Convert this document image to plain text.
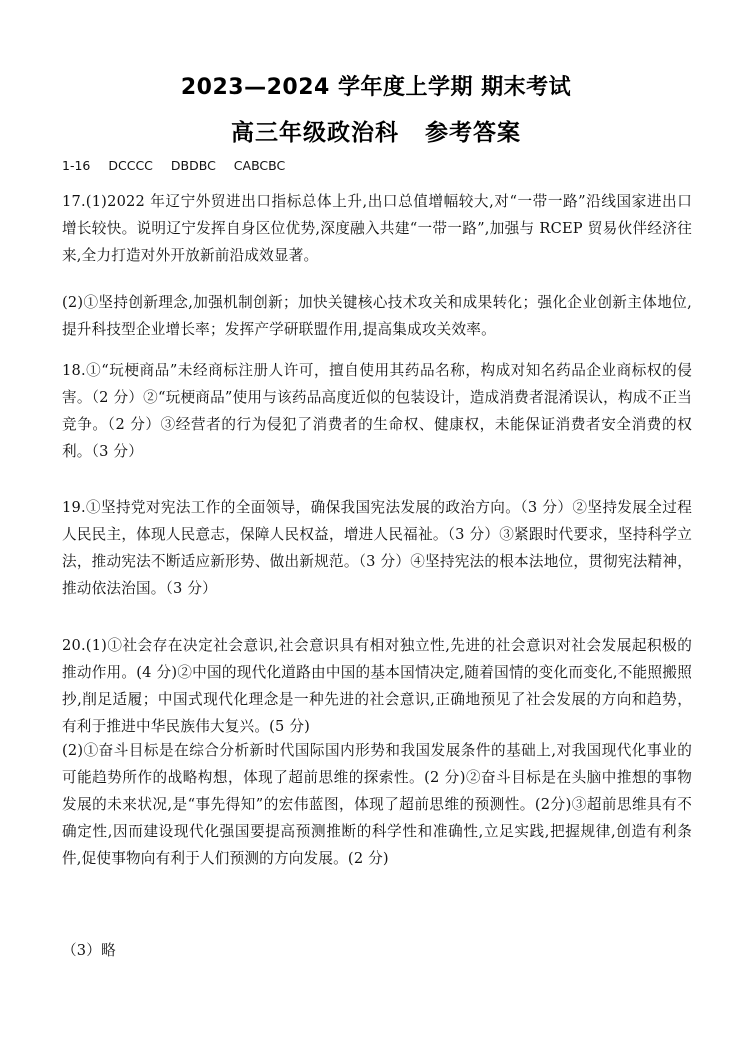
2023—2024 学年度上学期 期末考试
高三年级政治科 参考答案
1-16 DCCCC DBDBC CABCBC
17.(1)2022 年辽宁外贸进出口指标总体上升,出口总值增幅较大,对“一带一路”沿线国家进出口增长较快。说明辽宁发挥自身区位优势,深度融入共建“一带一路”,加强与 RCEP 贸易伙伴经济往来,全力打造对外开放新前沿成效显著。
(2)①坚持创新理念,加强机制创新；加快关键核心技术攻关和成果转化；强化企业创新主体地位,提升科技型企业增长率；发挥产学研联盟作用,提高集成攻关效率。
18.①“玩梗商品”未经商标注册人许可，擅自使用其药品名称，构成对知名药品企业商标权的侵害。（2 分）②“玩梗商品”使用与该药品高度近似的包装设计，造成消费者混淆误认，构成不正当竞争。（2 分）③经营者的行为侵犯了消费者的生命权、健康权，未能保证消费者安全消费的权利。（3 分）
19.①坚持党对宪法工作的全面领导，确保我国宪法发展的政治方向。（3 分）②坚持发展全过程人民民主，体现人民意志，保障人民权益，增进人民福祉。（3 分）③紧跟时代要求，坚持科学立法，推动宪法不断适应新形势、做出新规范。（3 分）④坚持宪法的根本法地位，贯彻宪法精神，推动依法治国。（3 分）
20.(1)①社会存在决定社会意识,社会意识具有相对独立性,先进的社会意识对社会发展起积极的推动作用。(4 分)②中国的现代化道路由中国的基本国情决定,随着国情的变化而变化,不能照搬照抄,削足适履；中国式现代化理念是一种先进的社会意识,正确地预见了社会发展的方向和趋势，有利于推进中华民族伟大复兴。(5 分)
(2)①奋斗目标是在综合分析新时代国际国内形势和我国发展条件的基础上,对我国现代化事业的可能趋势所作的战略构想，体现了超前思维的探索性。(2 分)②奋斗目标是在头脑中推想的事物发展的未来状况,是“事先得知”的宏伟蓝图，体现了超前思维的预测性。(2分)③超前思维具有不确定性,因而建设现代化强国要提高预测推断的科学性和准确性,立足实践,把握规律,创造有利条件,促使事物向有利于人们预测的方向发展。(2 分)
（3）略
